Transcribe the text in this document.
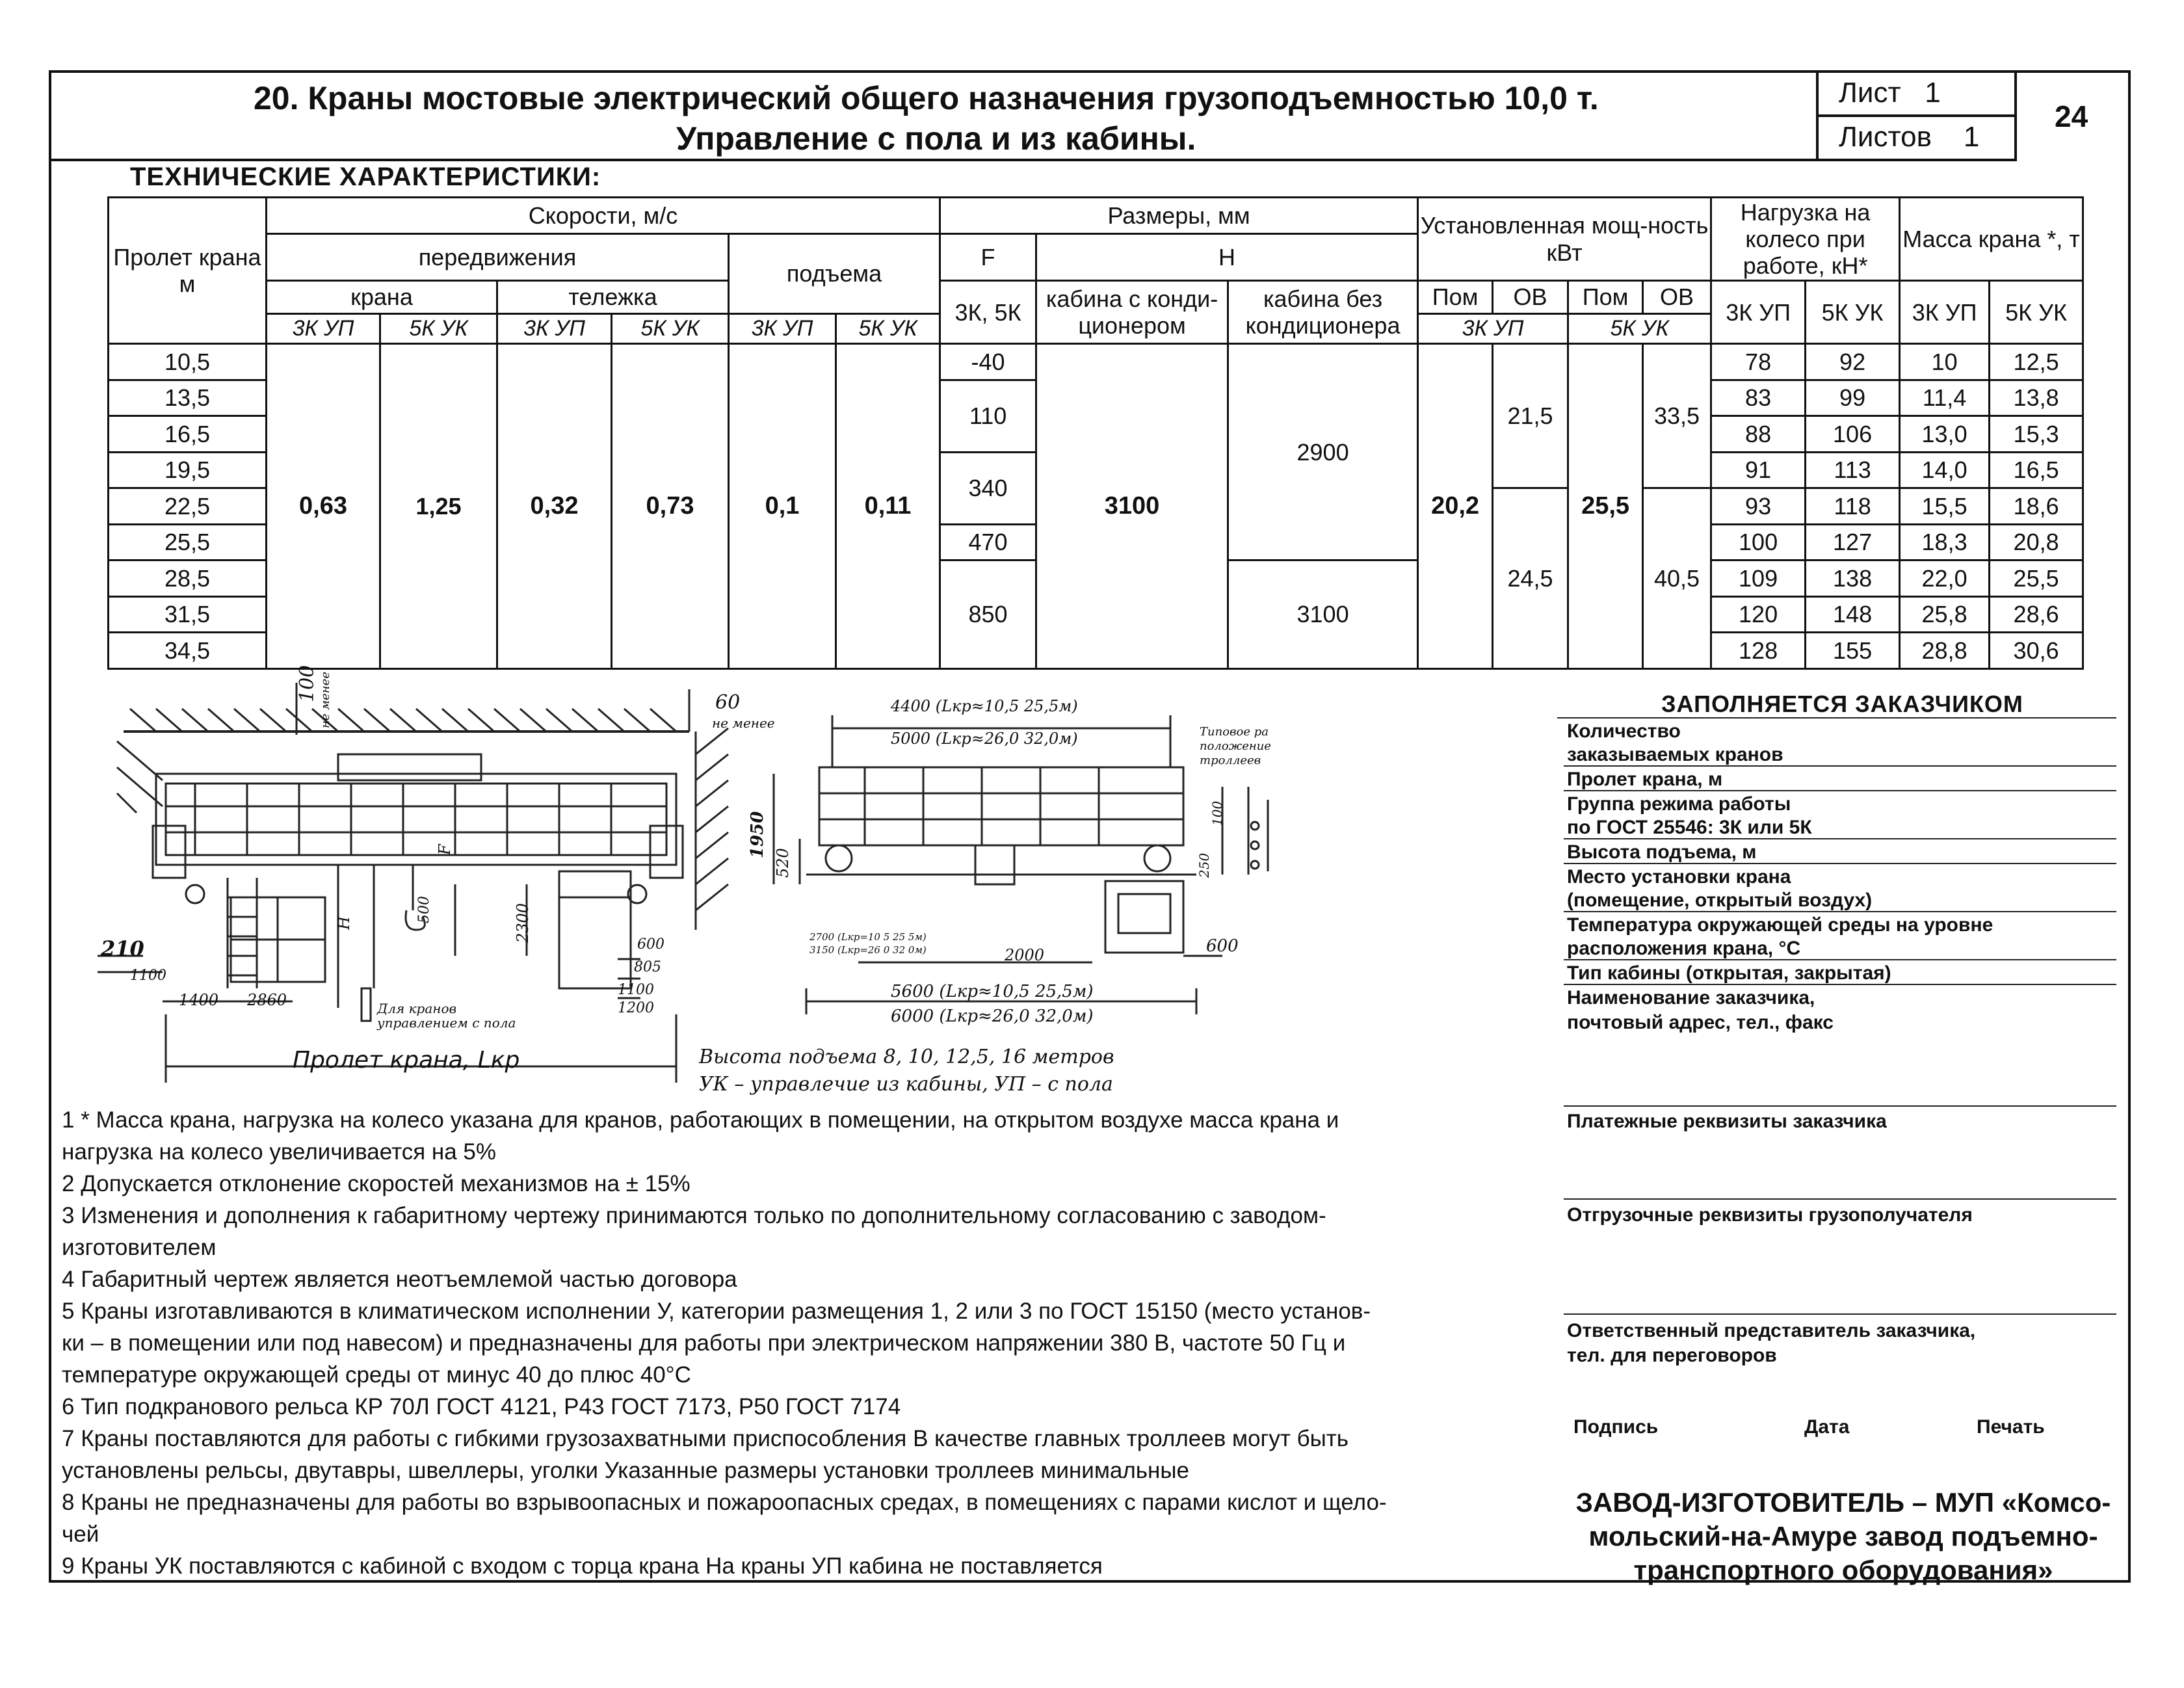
20. Краны мостовые электрический общего назначения грузоподъемностью 10,0 т.
Управление с пола и из кабины.
Лист 1
Листов 1
24
ТЕХНИЧЕСКИЕ ХАРАКТЕРИСТИКИ:
Пролет крана м	Скорости, м/с						Размеры, мм			Установленная мощ-ность кВт				Нагрузка на колесо при работе, кН*		Масса крана *, т	
	передвижения				подъема		F	H									
	крана		тележка				3К, 5К	кабина с конди-ционером	кабина без кондиционера	Пом	ОВ	Пом	ОВ	3К УП	5К УК	3К УП	5К УК
	3К УП	5К УК	3К УП	5К УК	3К УП	5К УК				3К УП		5К УК					
10,5	0,63	1,25	0,32	0,73	0,1	0,11	-40	3100	2900	20,2	21,5	25,5	33,5	78	92	10	12,5
13,5							110							83	99	11,4	13,8
16,5														88	106	13,0	15,3
19,5							340							91	113	14,0	16,5
22,5											24,5		40,5	93	118	15,5	18,6
25,5							470							100	127	18,3	20,8
28,5							850		3100					109	138	22,0	25,5
31,5														120	148	25,8	28,6
34,5														128	155	28,8	30,6
100 не менее	60
не менее
210
1100
1400 2860
500	2300
600
805
1100
1200
H
F
Для кранов управлением с пола
Пролет крана, Lкр
4400 (Lкр≈10,5 25,5м)
5000 (Lкр≈26,0 32,0м)	Типовое ра положение троллеев
1950
520
2700 (Lкр=10 5 25 5м)
3150 (Lкр=26 0 32 0м)	2000	600
250
100
5600 (Lкр≈10,5 25,5м)
6000 (Lкр≈26,0 32,0м)
Высота подъема 8, 10, 12,5, 16 метров
УК – управлечие из кабины, УП – с пола
1 * Масса крана, нагрузка на колесо указана для кранов, работающих в помещении, на открытом воздухе масса крана и
нагрузка на колесо увеличивается на 5%
2 Допускается отклонение скоростей механизмов на ± 15%
3 Изменения и дополнения к габаритному чертежу принимаются только по дополнительному согласованию с заводом-
изготовителем
4 Габаритный чертеж является неотъемлемой частью договора
5 Краны изготавливаются в климатическом исполнении У, категории размещения 1, 2 или 3 по ГОСТ 15150 (место установ-
ки – в помещении или под навесом) и предназначены для работы при электрическом напряжении 380 В, частоте 50 Гц и
температуре окружающей среды от минус 40 до плюс 40°С
6 Тип подкранового рельса КР 70Л ГОСТ 4121, Р43 ГОСТ 7173, Р50 ГОСТ 7174
7 Краны поставляются для работы с гибкими грузозахватными приспособления В качестве главных троллеев могут быть
установлены рельсы, двутавры, швеллеры, уголки Указанные размеры установки троллеев минимальные
8 Краны не предназначены для работы во взрывоопасных и пожароопасных средах, в помещениях с парами кислот и щело-
чей
9 Краны УК поставляются с кабиной с входом с торца крана На краны УП кабина не поставляется
ЗАПОЛНЯЕТСЯ ЗАКАЗЧИКОМ
Количество
заказываемых кранов
Пролет крана, м
Группа режима работы
по ГОСТ 25546: 3К или 5К
Высота подъема, м
Место установки крана
(помещение, открытый воздух)
Температура окружающей среды на уровне
расположения крана, °С
Тип кабины (открытая, закрытая)
Наименование заказчика,
почтовый адрес, тел., факс
Платежные реквизиты заказчика
Отгрузочные реквизиты грузополучателя
Ответственный представитель заказчика,
тел. для переговоров
Подпись	Дата	Печать
ЗАВОД-ИЗГОТОВИТЕЛЬ – МУП «Комсо-
мольский-на-Амуре завод подъемно-
транспортного оборудования»
